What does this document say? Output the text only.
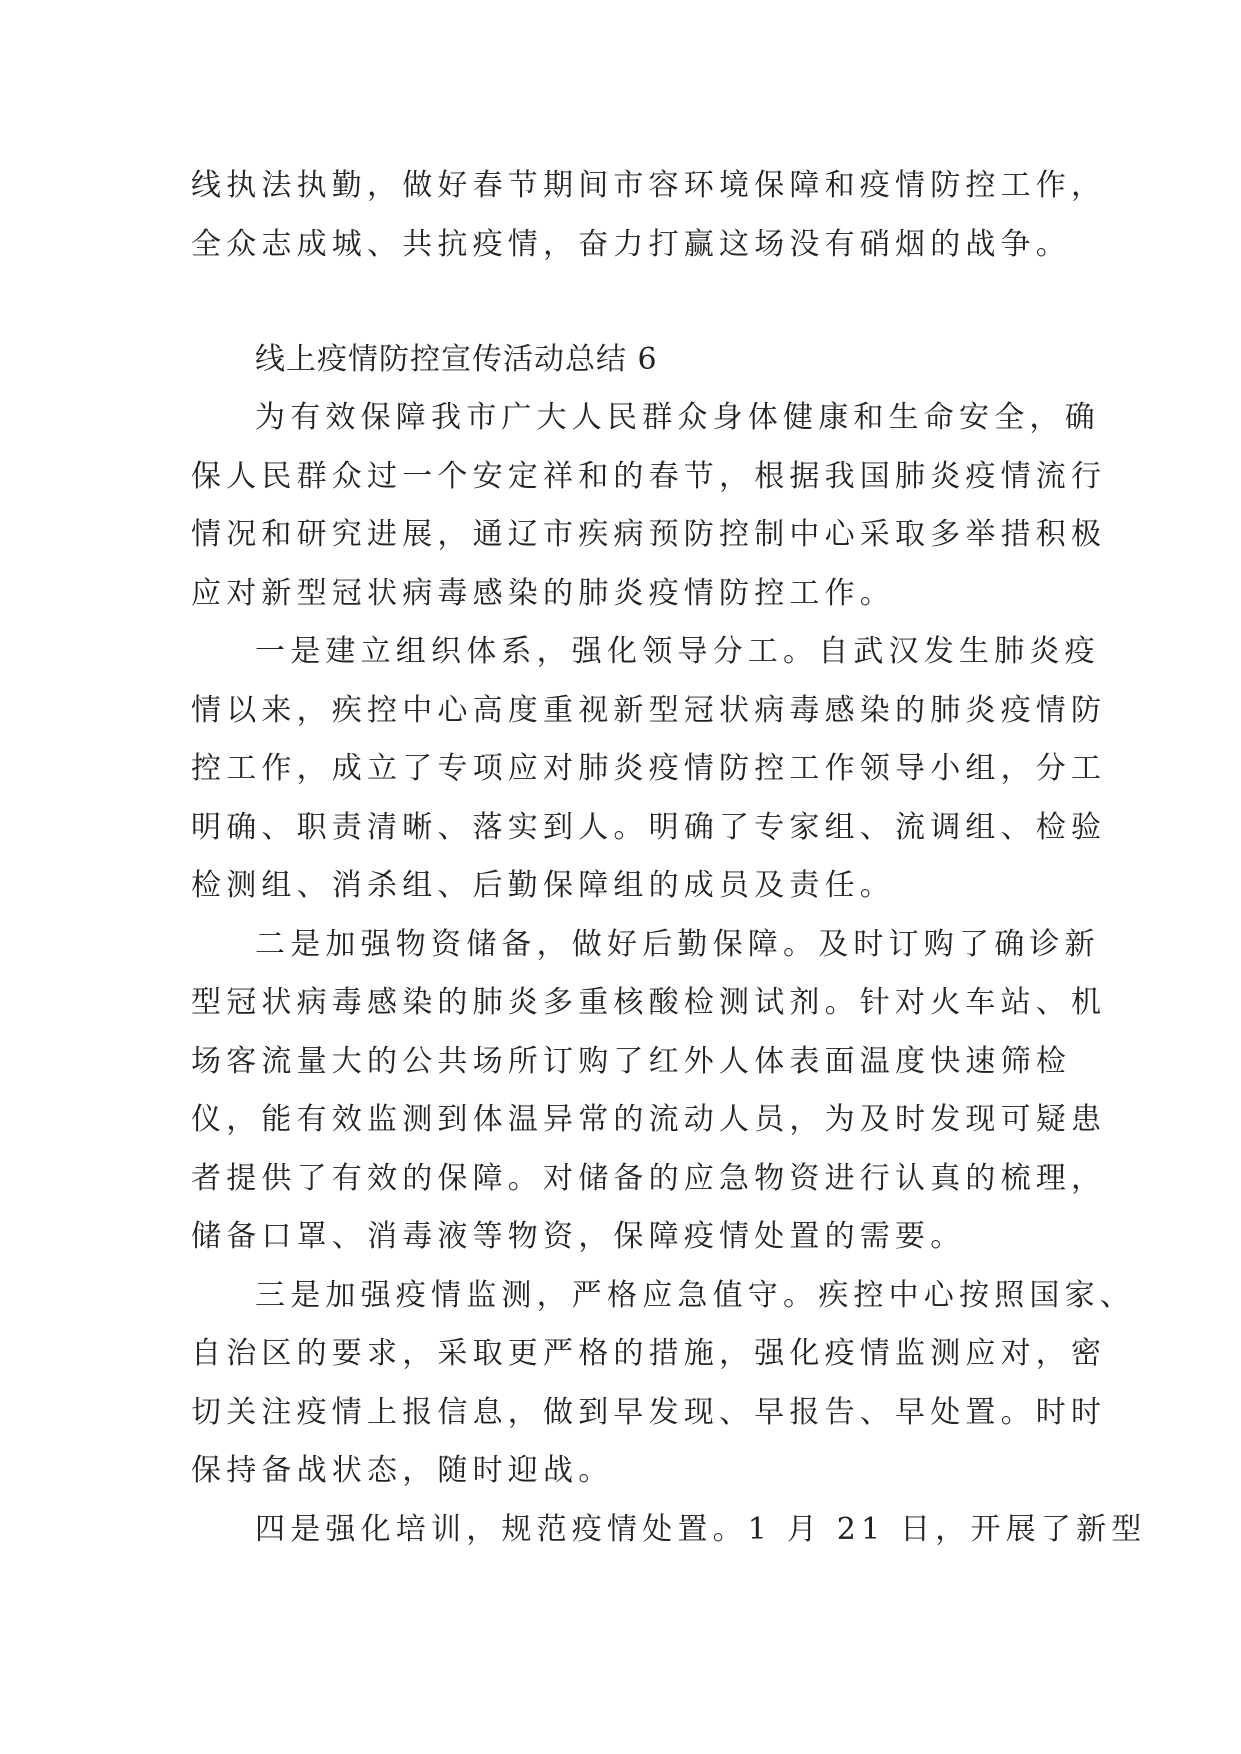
线执法执勤，做好春节期间市容环境保障和疫情防控工作，
全众志成城、共抗疫情，奋力打赢这场没有硝烟的战争。
线上疫情防控宣传活动总结 6
为有效保障我市广大人民群众身体健康和生命安全，确
保人民群众过一个安定祥和的春节，根据我国肺炎疫情流行
情况和研究进展，通辽市疾病预防控制中心采取多举措积极
应对新型冠状病毒感染的肺炎疫情防控工作。
一是建立组织体系，强化领导分工。自武汉发生肺炎疫
情以来，疾控中心高度重视新型冠状病毒感染的肺炎疫情防
控工作，成立了专项应对肺炎疫情防控工作领导小组，分工
明确、职责清晰、落实到人。明确了专家组、流调组、检验
检测组、消杀组、后勤保障组的成员及责任。
二是加强物资储备，做好后勤保障。及时订购了确诊新
型冠状病毒感染的肺炎多重核酸检测试剂。针对火车站、机
场客流量大的公共场所订购了红外人体表面温度快速筛检
仪，能有效监测到体温异常的流动人员，为及时发现可疑患
者提供了有效的保障。对储备的应急物资进行认真的梳理，
储备口罩、消毒液等物资，保障疫情处置的需要。
三是加强疫情监测，严格应急值守。疾控中心按照国家、
自治区的要求，采取更严格的措施，强化疫情监测应对，密
切关注疫情上报信息，做到早发现、早报告、早处置。时时
保持备战状态，随时迎战。
四是强化培训，规范疫情处置。1 月 21 日，开展了新型
